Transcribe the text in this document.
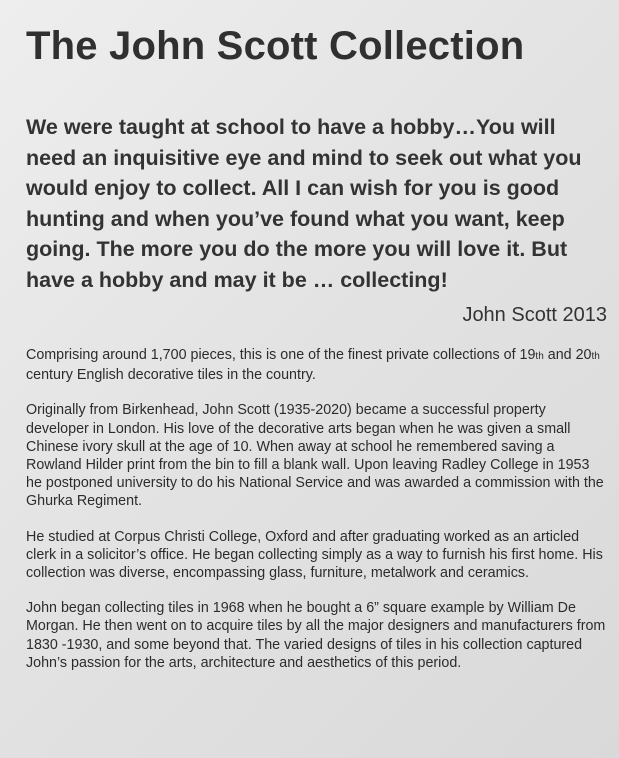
The John Scott Collection

We were taught at school to have a hobby…You will need an inquisitive eye and mind to seek out what you would enjoy to collect. All I can wish for you is good hunting and when you’ve found what you want, keep going. The more you do the more you will love it. But have a hobby and may it be … collecting!

John Scott 2013

Comprising around 1,700 pieces, this is one of the finest private collections of 19th and 20th century English decorative tiles in the country.

Originally from Birkenhead, John Scott (1935-2020) became a successful property developer in London. His love of the decorative arts began when he was given a small Chinese ivory skull at the age of 10. When away at school he remembered saving a Rowland Hilder print from the bin to fill a blank wall. Upon leaving Radley College in 1953 he postponed university to do his National Service and was awarded a commission with the Ghurka Regiment.

He studied at Corpus Christi College, Oxford and after graduating worked as an articled clerk in a solicitor’s office. He began collecting simply as a way to furnish his first home. His collection was diverse, encompassing glass, furniture, metalwork and ceramics.

John began collecting tiles in 1968 when he bought a 6” square example by William De Morgan. He then went on to acquire tiles by all the major designers and manufacturers from 1830 -1930, and some beyond that. The varied designs of tiles in his collection captured John’s passion for the arts, architecture and aesthetics of this period.
